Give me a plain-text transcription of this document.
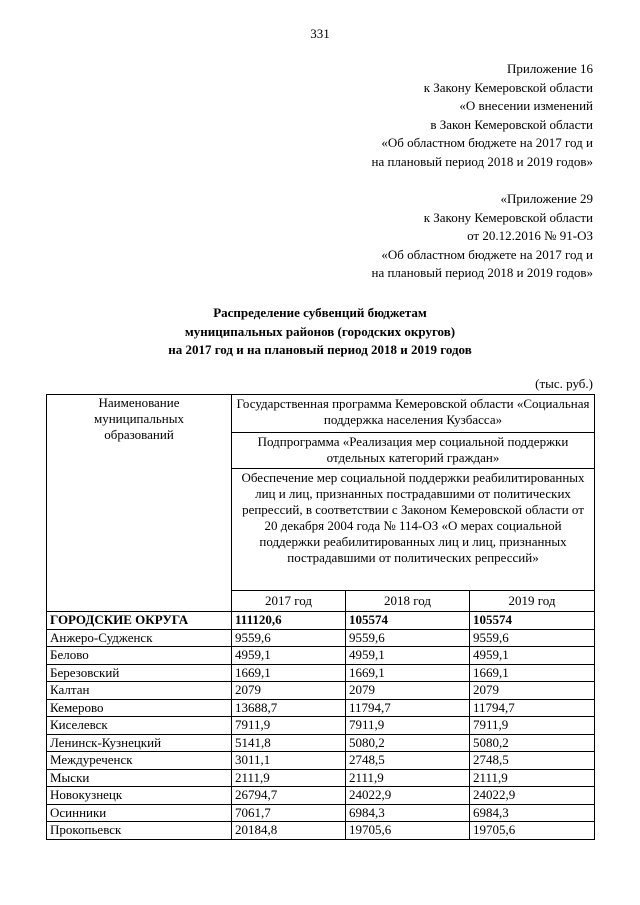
331
Приложение 16
к Закону Кемеровской области
«О внесении изменений
в Закон Кемеровской области
«Об областном бюджете на 2017 год и
на плановый период 2018 и 2019 годов»
«Приложение 29
к Закону Кемеровской области
от 20.12.2016 № 91-ОЗ
«Об областном бюджете на 2017 год и
на плановый период 2018 и 2019 годов»
Распределение субвенций бюджетам
муниципальных районов (городских округов)
на 2017 год и на плановый период 2018 и 2019 годов
(тыс. руб.)
Наименование муниципальных образований	Государственная программа Кемеровской области «Социальная поддержка населения Кузбасса»		
	Подпрограмма «Реализация мер социальной поддержки отдельных категорий граждан»		
	Обеспечение мер социальной поддержки реабилитированных лиц и лиц, признанных пострадавшими от политических репрессий, в соответствии с Законом Кемеровской области от 20 декабря 2004 года № 114-ОЗ «О мерах социальной поддержки реабилитированных лиц и лиц, признанных пострадавшими от политических репрессий»		
	2017 год	2018 год	2019 год
ГОРОДСКИЕ ОКРУГА	111120,6	105574	105574
Анжеро-Судженск	9559,6	9559,6	9559,6
Белово	4959,1	4959,1	4959,1
Березовский	1669,1	1669,1	1669,1
Калтан	2079	2079	2079
Кемерово	13688,7	11794,7	11794,7
Киселевск	7911,9	7911,9	7911,9
Ленинск-Кузнецкий	5141,8	5080,2	5080,2
Междуреченск	3011,1	2748,5	2748,5
Мыски	2111,9	2111,9	2111,9
Новокузнецк	26794,7	24022,9	24022,9
Осинники	7061,7	6984,3	6984,3
Прокопьевск	20184,8	19705,6	19705,6
